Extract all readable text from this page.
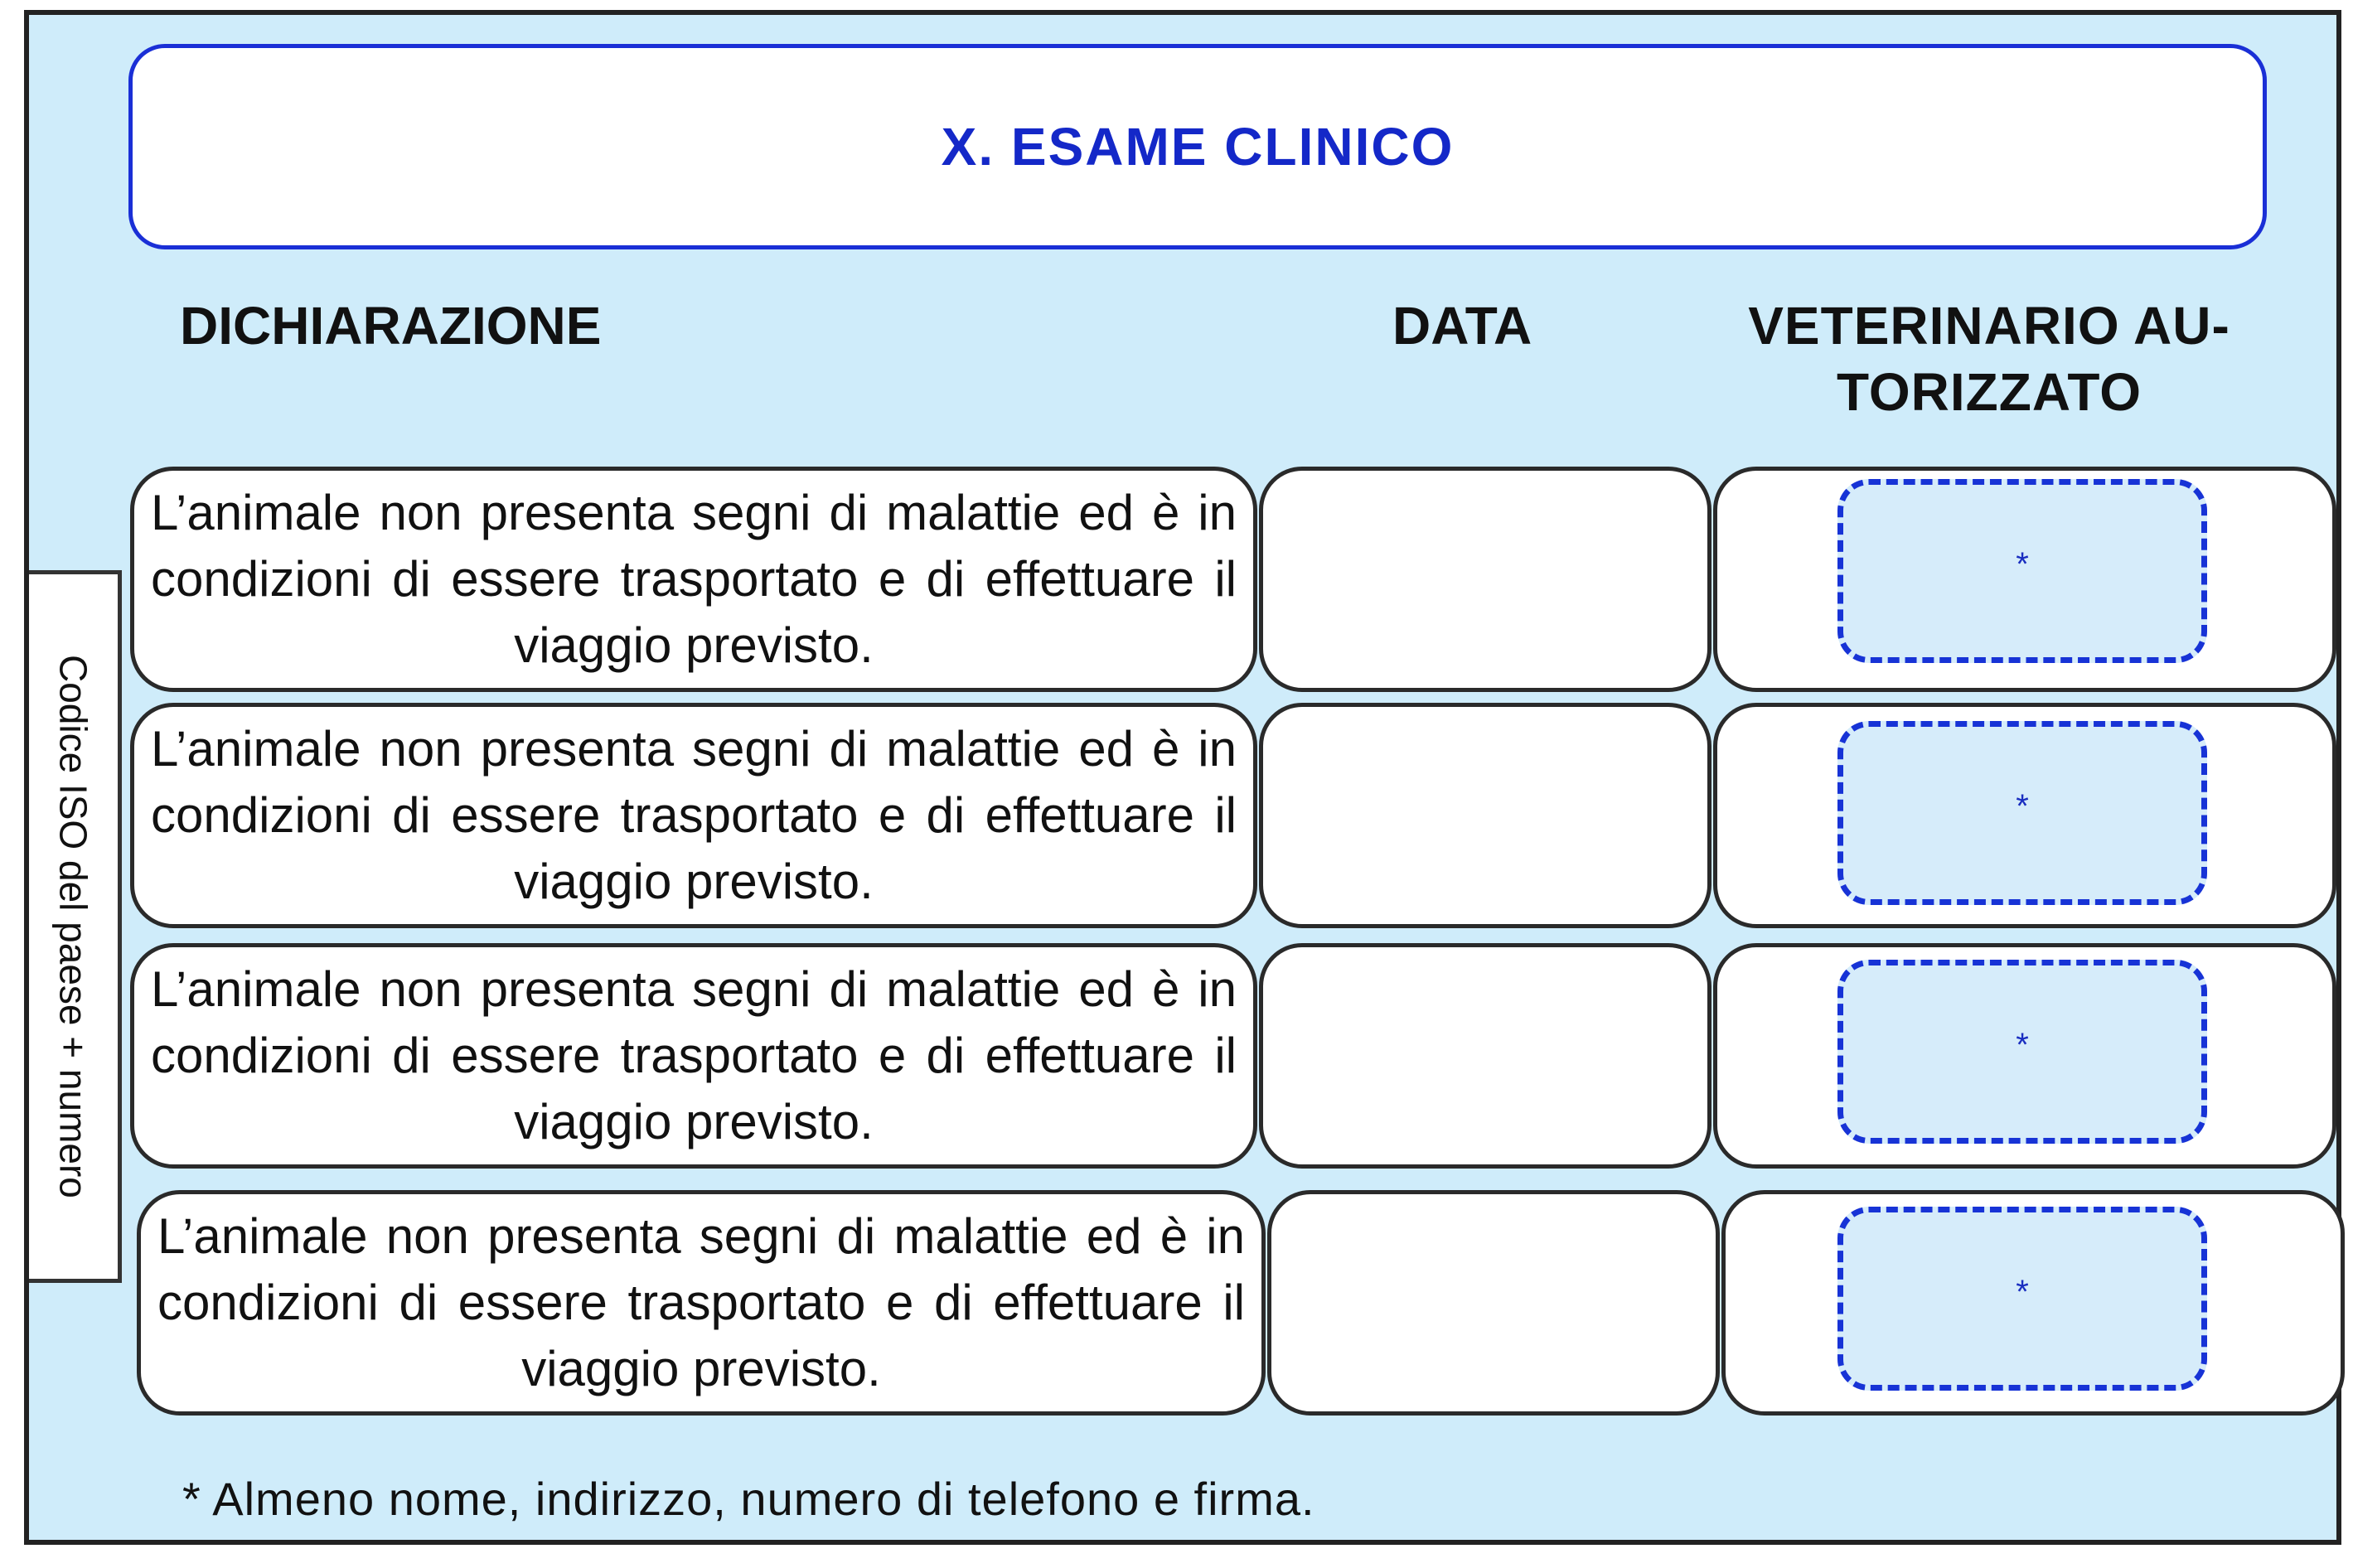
X. ESAME CLINICO
DICHIARAZIONE	DATA	VETERINARIO AU-TORIZZATO
Codice ISO del paese + numero
L’animale non presenta segni di malattie ed è in condizioni di essere trasportato e di effettuare il viaggio previsto.
*
L’animale non presenta segni di malattie ed è in condizioni di essere trasportato e di effettuare il viaggio previsto.
*
L’animale non presenta segni di malattie ed è in condizioni di essere trasportato e di effettuare il viaggio previsto.
*
L’animale non presenta segni di malattie ed è in condizioni di essere trasportato e di effettuare il viaggio previsto.
*
* Almeno nome, indirizzo, numero di telefono e firma.
